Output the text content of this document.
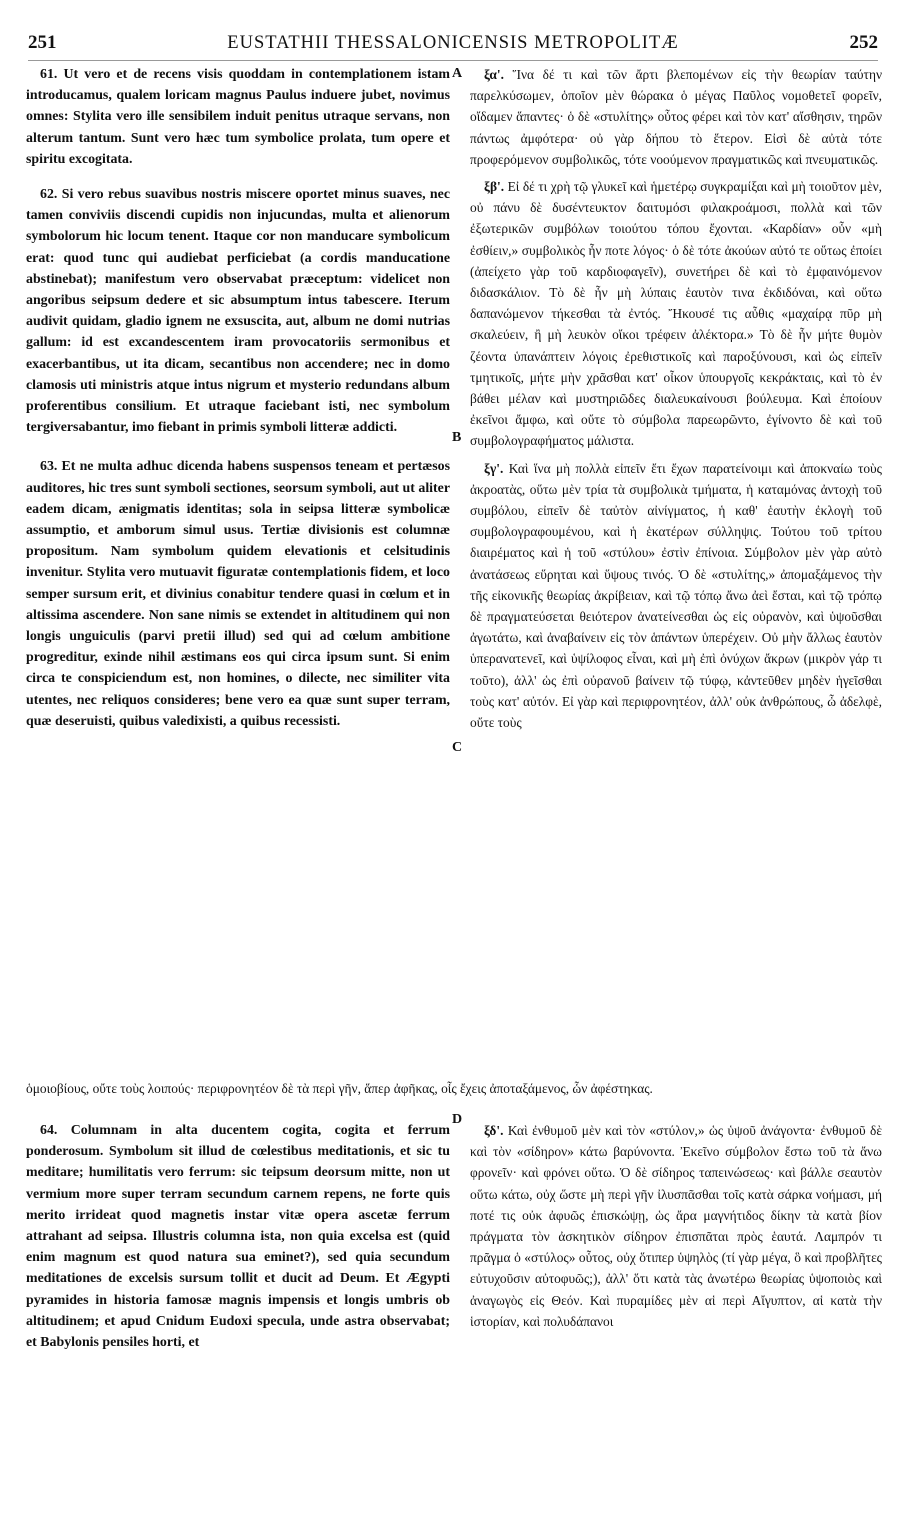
251	EUSTATHII THESSALONICENSIS METROPOLITÆ	252
A
B
C
D

61. Ut vero et de recens visis quoddam in contemplationem istam introducamus, qualem loricam magnus Paulus induere jubet, novimus omnes: Stylita vero ille sensibilem induit penitus utraque servans, non alterum tantum. Sunt vero hæc tum symbolice prolata, tum opere et spiritu excogitata.

62. Si vero rebus suavibus nostris miscere oportet minus suaves, nec tamen conviviis discendi cupidis non injucundas, multa et alienorum symbolorum hic locum tenent. Itaque cor non manducare symbolicum erat: quod tunc qui audiebat perficiebat (a cordis manducatione abstinebat); manifestum vero observabat præceptum: videlicet non angoribus seipsum dedere et sic absumptum intus tabescere. Iterum audivit quidam, gladio ignem ne exsuscita, aut, album ne domi nutrias gallum: id est excandescentem iram provocatoriis sermonibus et exacerbantibus, ut ita dicam, secantibus non accendere; nec in domo clamosis uti ministris atque intus nigrum et mysterio redundans album proferentibus consilium. Et utraque faciebant isti, nec symbolum tergiversabantur, imo fiebant in primis symboli litteræ addicti.

63. Et ne multa adhuc dicenda habens suspensos teneam et pertæsos auditores, hic tres sunt symboli sectiones, seorsum symboli, aut ut aliter eadem dicam, ænigmatis identitas; sola in seipsa litteræ symbolicæ assumptio, et amborum simul usus. Tertiæ divisionis est columnæ propositum. Nam symbolum quidem elevationis et celsitudinis invenitur. Stylita vero mutuavit figuratæ contemplationis fidem, et loco semper sursum erit, et divinius conabitur tendere quasi in cœlum et in altissima ascendere. Non sane nimis se extendet in altitudinem qui non longis unguiculis (parvi pretii illud) sed qui ad cœlum ambitione progreditur, exinde nihil æstimans eos qui circa ipsum sunt. Si enim circa te conspiciendum est, non homines, o dilecte, nec similiter vita utentes, nec reliquos consideres; bene vero ea quæ sunt super terram, quæ deseruisti, quibus valedixisti, a quibus recessisti.

ξα'. Ἵνα δέ τι καὶ τῶν ἄρτι βλεπομένων εἰς τὴν θεωρίαν ταύτην παρελκύσωμεν, ὁποῖον μὲν θώρακα ὁ μέγας Παῦλος νομοθετεῖ φορεῖν, οἴδαμεν ἅπαντες· ὁ δὲ «στυλίτης» οὗτος φέρει καὶ τὸν κατ' αἴσθησιν, τηρῶν πάντως ἀμφότερα· οὐ γὰρ δήπου τὸ ἕτερον. Εἰσὶ δὲ αὐτὰ τότε προφερόμενον συμβολικῶς, τότε νοούμενον πραγματικῶς καὶ πνευματικῶς.

ξβ'. Εἰ δέ τι χρὴ τῷ γλυκεῖ καὶ ἡμετέρῳ συγκραμίξαι καὶ μὴ τοιοῦτον μὲν, οὐ πάνυ δὲ δυσέντευκτον δαιτυμόσι φιλακροάμοσι, πολλὰ καὶ τῶν ἐξωτερικῶν συμβόλων τοιούτου τόπου ἔχονται. «Καρδίαν» οὖν «μὴ ἐσθίειν,» συμβολικὸς ἦν ποτε λόγος· ὁ δὲ τότε ἀκούων αὐτό τε οὕτως ἐποίει (ἀπείχετο γὰρ τοῦ καρδιοφαγεῖν), συνετήρει δὲ καὶ τὸ ἐμφαινόμενον διδασκάλιον. Τὸ δὲ ἦν μὴ λύπαις ἑαυτὸν τινα ἐκδιδόναι, καὶ οὕτω δαπανώμενον τήκεσθαι τὰ ἐντός. Ἤκουσέ τις αὖθις «μαχαίρᾳ πῦρ μὴ σκαλεύειν, ἢ μὴ λευκὸν οἴκοι τρέφειν ἀλέκτορα.» Τὸ δὲ ἦν μήτε θυμὸν ζέοντα ὑπανάπτειν λόγοις ἐρεθιστικοῖς καὶ παροξύνουσι, καὶ ὡς εἰπεῖν τμητικοῖς, μήτε μὴν χρᾶσθαι κατ' οἶκον ὑπουργοῖς κεκράκταις, καὶ τὸ ἐν βάθει μέλαν καὶ μυστηριῶδες διαλευκαίνουσι βούλευμα. Καὶ ἐποίουν ἐκεῖνοι ἄμφω, καὶ οὔτε τὸ σύμβολα παρεωρῶντο, ἐγίνοντο δὲ καὶ τοῦ συμβολογραφήματος μάλιστα.

ξγ'. Καὶ ἵνα μὴ πολλὰ εἰπεῖν ἔτι ἔχων παρατείνοιμι καὶ ἀποκναίω τοὺς ἀκροατὰς, οὕτω μὲν τρία τὰ συμβολικὰ τμήματα, ἡ καταμόνας ἀντοχὴ τοῦ συμβόλου, εἰπεῖν δὲ ταὐτὸν αἰνίγματος, ἡ καθ' ἑαυτὴν ἐκλογὴ τοῦ συμβολογραφουμένου, καὶ ἡ ἑκατέρων σύλληψις. Τούτου τοῦ τρίτου διαιρέματος καὶ ἡ τοῦ «στύλου» ἐστὶν ἐπίνοια. Σύμβολον μὲν γὰρ αὐτὸ ἀνατάσεως εὕρηται καὶ ὕψους τινός. Ὁ δὲ «στυλίτης,» ἀπομαξάμενος τὴν τῆς εἰκονικῆς θεωρίας ἀκρίβειαν, καὶ τῷ τόπῳ ἄνω ἀεὶ ἔσται, καὶ τῷ τρόπῳ δὲ πραγματεύσεται θειότερον ἀνατείνεσθαι ὡς εἰς οὐρανὸν, καὶ ὑψοῦσθαι ἀγωτάτω, καὶ ἀναβαίνειν εἰς τὸν ἁπάντων ὑπερέχειν. Οὐ μὴν ἄλλως ἑαυτὸν ὑπερανατενεῖ, καὶ ὑψίλοφος εἶναι, καὶ μὴ ἐπὶ ὀνύχων ἄκρων (μικρὸν γάρ τι τοῦτο), ἀλλ' ὡς ἐπὶ οὐρανοῦ βαίνειν τῷ τύφῳ, κἀντεῦθεν μηδὲν ἡγεῖσθαι τοὺς κατ' αὐτόν. Εἰ γὰρ καὶ περιφρονητέον, ἀλλ' οὐκ ἀνθρώπους, ὦ ἀδελφὲ, οὔτε τοὺς

ὁμοιοβίους, οὔτε τοὺς λοιπούς· περιφρονητέον δὲ τὰ περὶ γῆν, ἅπερ ἀφῆκας, οἷς ἔχεις ἀποταξάμενος, ὧν ἀφέστηκας.

64. Columnam in alta ducentem cogita, cogita et ferrum ponderosum. Symbolum sit illud de cœlestibus meditationis, et sic tu meditare; humilitatis vero ferrum: sic teipsum deorsum mitte, non ut vermium more super terram secundum carnem repens, ne forte quis merito irrideat quod magnetis instar vitæ opera ascetæ ferrum attrahant ad seipsa. Illustris columna ista, non quia excelsa est (quid enim magnum est quod natura sua eminet?), sed quia secundum meditationes de excelsis sursum tollit et ducit ad Deum. Et Ægypti pyramides in historia famosæ magnis impensis et longis umbris ob altitudinem; et apud Cnidum Eudoxi specula, unde astra observabat; et Babylonis pensiles horti, et

ξδ'. Καὶ ἐνθυμοῦ μὲν καὶ τὸν «στύλον,» ὡς ὑψοῦ ἀνάγοντα· ἐνθυμοῦ δὲ καὶ τὸν «σίδηρον» κάτω βαρύνοντα. Ἐκεῖνο σύμβολον ἔστω τοῦ τὰ ἄνω φρονεῖν· καὶ φρόνει οὕτω. Ὁ δὲ σίδηρος ταπεινώσεως· καὶ βάλλε σεαυτὸν οὕτω κάτω, οὐχ ὥστε μὴ περὶ γῆν ἰλυσπᾶσθαι τοῖς κατὰ σάρκα νοήμασι, μή ποτέ τις οὐκ ἀφυῶς ἐπισκώψῃ, ὡς ἄρα μαγνήτιδος δίκην τὰ κατὰ βίον πράγματα τὸν ἀσκητικὸν σίδηρον ἐπισπᾶται πρὸς ἑαυτά. Λαμπρόν τι πρᾶγμα ὁ «στύλος» οὗτος, οὐχ ὅτιπερ ὑψηλὸς (τί γὰρ μέγα, ὃ καὶ προβλῆτες εὐτυχοῦσιν αὐτοφυῶς;), ἀλλ' ὅτι κατὰ τὰς ἀνωτέρω θεωρίας ὑψοποιὸς καὶ ἀναγωγὸς εἰς Θεόν. Καὶ πυραμίδες μὲν αἱ περὶ Αἴγυπτον, αἱ κατὰ τὴν ἱστορίαν, καὶ πολυδάπανοι
